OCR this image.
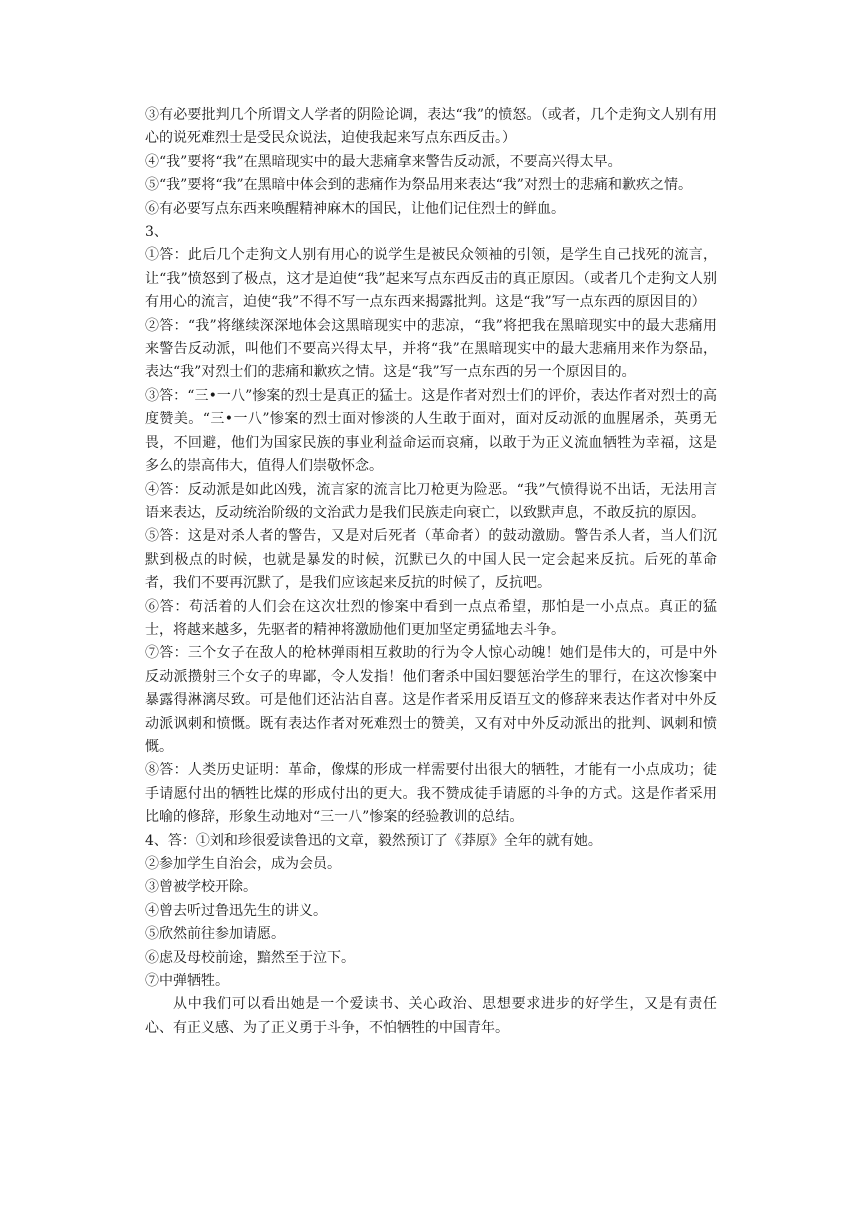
③有必要批判几个所谓文人学者的阴险论调，表达“我”的愤怒。（或者，几个走狗文人别有用心的说死难烈士是受民众说法，迫使我起来写点东西反击。）

④“我”要将“我”在黑暗现实中的最大悲痛拿来警告反动派，不要高兴得太早。

⑤“我”要将“我”在黑暗中体会到的悲痛作为祭品用来表达“我”对烈士的悲痛和歉疚之情。

⑥有必要写点东西来唤醒精神麻木的国民，让他们记住烈士的鲜血。

3、

①答：此后几个走狗文人别有用心的说学生是被民众领袖的引领，是学生自己找死的流言，让“我”愤怒到了极点，这才是迫使“我”起来写点东西反击的真正原因。（或者几个走狗文人别有用心的流言，迫使“我”不得不写一点东西来揭露批判。这是“我”写一点东西的原因目的）

②答：“我”将继续深深地体会这黑暗现实中的悲凉，“我”将把我在黑暗现实中的最大悲痛用来警告反动派，叫他们不要高兴得太早，并将“我”在黑暗现实中的最大悲痛用来作为祭品，表达“我”对烈士们的悲痛和歉疚之情。这是“我”写一点东西的另一个原因目的。

③答：“三•一八”惨案的烈士是真正的猛士。这是作者对烈士们的评价，表达作者对烈士的高度赞美。“三•一八”惨案的烈士面对惨淡的人生敢于面对，面对反动派的血腥屠杀，英勇无畏，不回避，他们为国家民族的事业利益命运而哀痛，以敢于为正义流血牺牲为幸福，这是多么的崇高伟大，值得人们崇敬怀念。

④答：反动派是如此凶残，流言家的流言比刀枪更为险恶。“我”气愤得说不出话，无法用言语来表达，反动统治阶级的文治武力是我们民族走向衰亡，以致默声息，不敢反抗的原因。

⑤答：这是对杀人者的警告，又是对后死者（革命者）的鼓动激励。警告杀人者，当人们沉默到极点的时候，也就是暴发的时候，沉默已久的中国人民一定会起来反抗。后死的革命者，我们不要再沉默了，是我们应该起来反抗的时候了，反抗吧。

⑥答：苟活着的人们会在这次壮烈的惨案中看到一点点希望，那怕是一小点点。真正的猛士，将越来越多，先驱者的精神将激励他们更加坚定勇猛地去斗争。

⑦答：三个女子在敌人的枪林弹雨相互救助的行为令人惊心动魄！她们是伟大的，可是中外反动派攒射三个女子的卑鄙，令人发指！他们奢杀中国妇婴惩治学生的罪行，在这次惨案中暴露得淋漓尽致。可是他们还沾沾自喜。这是作者采用反语互文的修辞来表达作者对中外反动派讽刺和愤慨。既有表达作者对死难烈士的赞美，又有对中外反动派出的批判、讽刺和愤慨。

⑧答：人类历史证明：革命，像煤的形成一样需要付出很大的牺牲，才能有一小点成功；徒手请愿付出的牺牲比煤的形成付出的更大。我不赞成徒手请愿的斗争的方式。这是作者采用比喻的修辞，形象生动地对“三一八”惨案的经验教训的总结。

4、答：①刘和珍很爱读鲁迅的文章，毅然预订了《莽原》全年的就有她。

②参加学生自治会，成为会员。

③曾被学校开除。

④曾去听过鲁迅先生的讲义。

⑤欣然前往参加请愿。

⑥虑及母校前途，黯然至于泣下。

⑦中弹牺牲。

从中我们可以看出她是一个爱读书、关心政治、思想要求进步的好学生，又是有责任心、有正义感、为了正义勇于斗争，不怕牺牲的中国青年。
